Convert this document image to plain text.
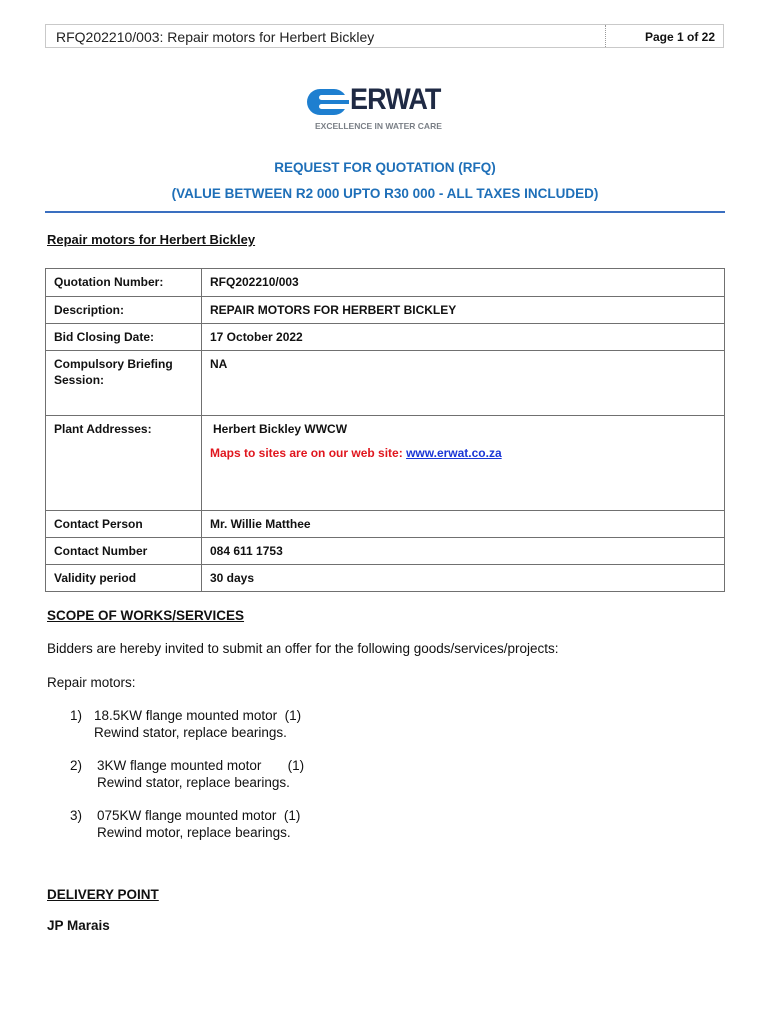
RFQ202210/003: Repair motors for Herbert Bickley	Page 1 of 22
ERWAT
EXCELLENCE IN WATER CARE
REQUEST FOR QUOTATION (RFQ)
(VALUE BETWEEN R2 000 UPTO R30 000 - ALL TAXES INCLUDED)
Repair motors for Herbert Bickley
Quotation Number:	RFQ202210/003
Description:	REPAIR MOTORS FOR HERBERT BICKLEY
Bid Closing Date:	17 October 2022
Compulsory Briefing Session:	NA
Plant Addresses:	Herbert Bickley WWCW
Maps to sites are on our web site: www.erwat.co.za

Contact Person	Mr. Willie Matthee
Contact Number	084 611 1753
Validity period	30 days
SCOPE OF WORKS/SERVICES
Bidders are hereby invited to submit an offer for the following goods/services/projects:
Repair motors:
1) 18.5KW flange mounted motor  (1)
Rewind stator, replace bearings.
2) 3KW flange mounted motor       (1)
Rewind stator, replace bearings.
3) 075KW flange mounted motor  (1)
Rewind motor, replace bearings.
DELIVERY POINT
JP Marais
